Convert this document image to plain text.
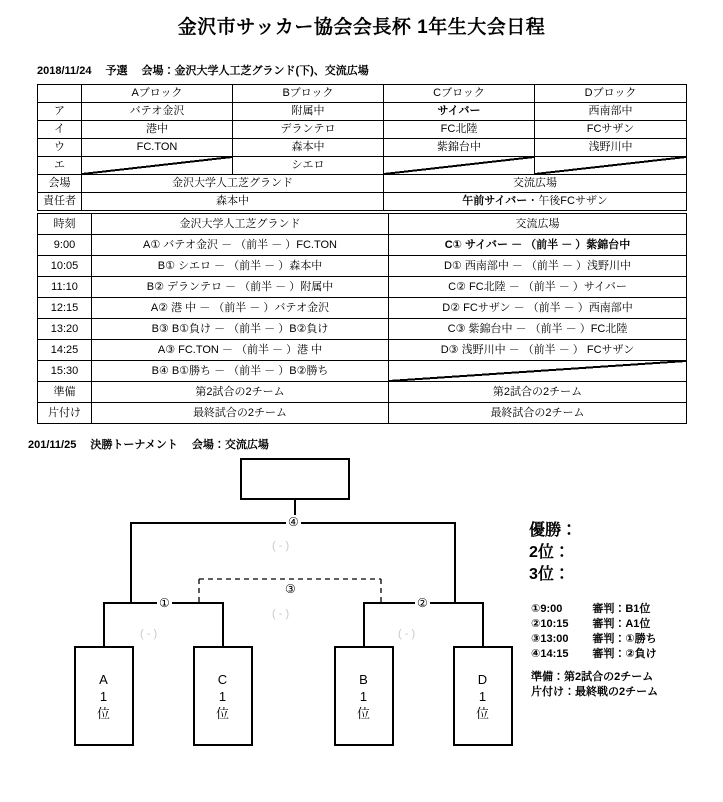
金沢市サッカー協会会長杯 1年生大会日程
2018/11/24 予選 会場：金沢大学人工芝グランド(下)、交流広場
	Aブロック	Bブロック	Cブロック	Dブロック
ア	バテオ金沢	附属中	サイバー	西南部中
イ	港中	デランテロ	FC北陸	FCサザン
ウ	FC.TON	森本中	紫錦台中	浅野川中
エ		シエロ		
会場	金沢大学人工芝グランド		交流広場	
責任者	森本中		午前サイバー・午後FCサザン	
時刻	金沢大学人工芝グランド	交流広場
9:00	A① バテオ金沢 － （前半 － ）FC.TON	C① サイバー － （前半 － ）紫錦台中
10:05	B① シエロ － （前半 － ）森本中	D① 西南部中 － （前半 － ）浅野川中
11:10	B② デランテロ － （前半 － ）附属中	C② FC北陸 － （前半 － ）サイバー
12:15	A② 港 中 － （前半 － ）バテオ金沢	D② FCサザン － （前半 － ）西南部中
13:20	B③ B①負け － （前半 － ）B②負け	C③ 紫錦台中 － （前半 － ）FC北陸
14:25	A③ FC.TON － （前半 － ）港 中	D③ 浅野川中 － （前半 － ） FCサザン
15:30	B④ B①勝ち － （前半 － ）B②勝ち	
準備	第2試合の2チーム	第2試合の2チーム
片付け	最終試合の2チーム	最終試合の2チーム
201/11/25 決勝トーナメント 会場：交流広場
④
③
①	②
( - )
( - )
( - )	( - )
A
1
位
C
1
位
B
1
位
D
1
位
優勝：
2位：
3位：
①9:00	審判：B1位
②10:15 審判：A1位
③13:00 審判：①勝ち
④14:15 審判：②負け
準備：第2試合の2チーム
片付け：最終戦の2チーム
